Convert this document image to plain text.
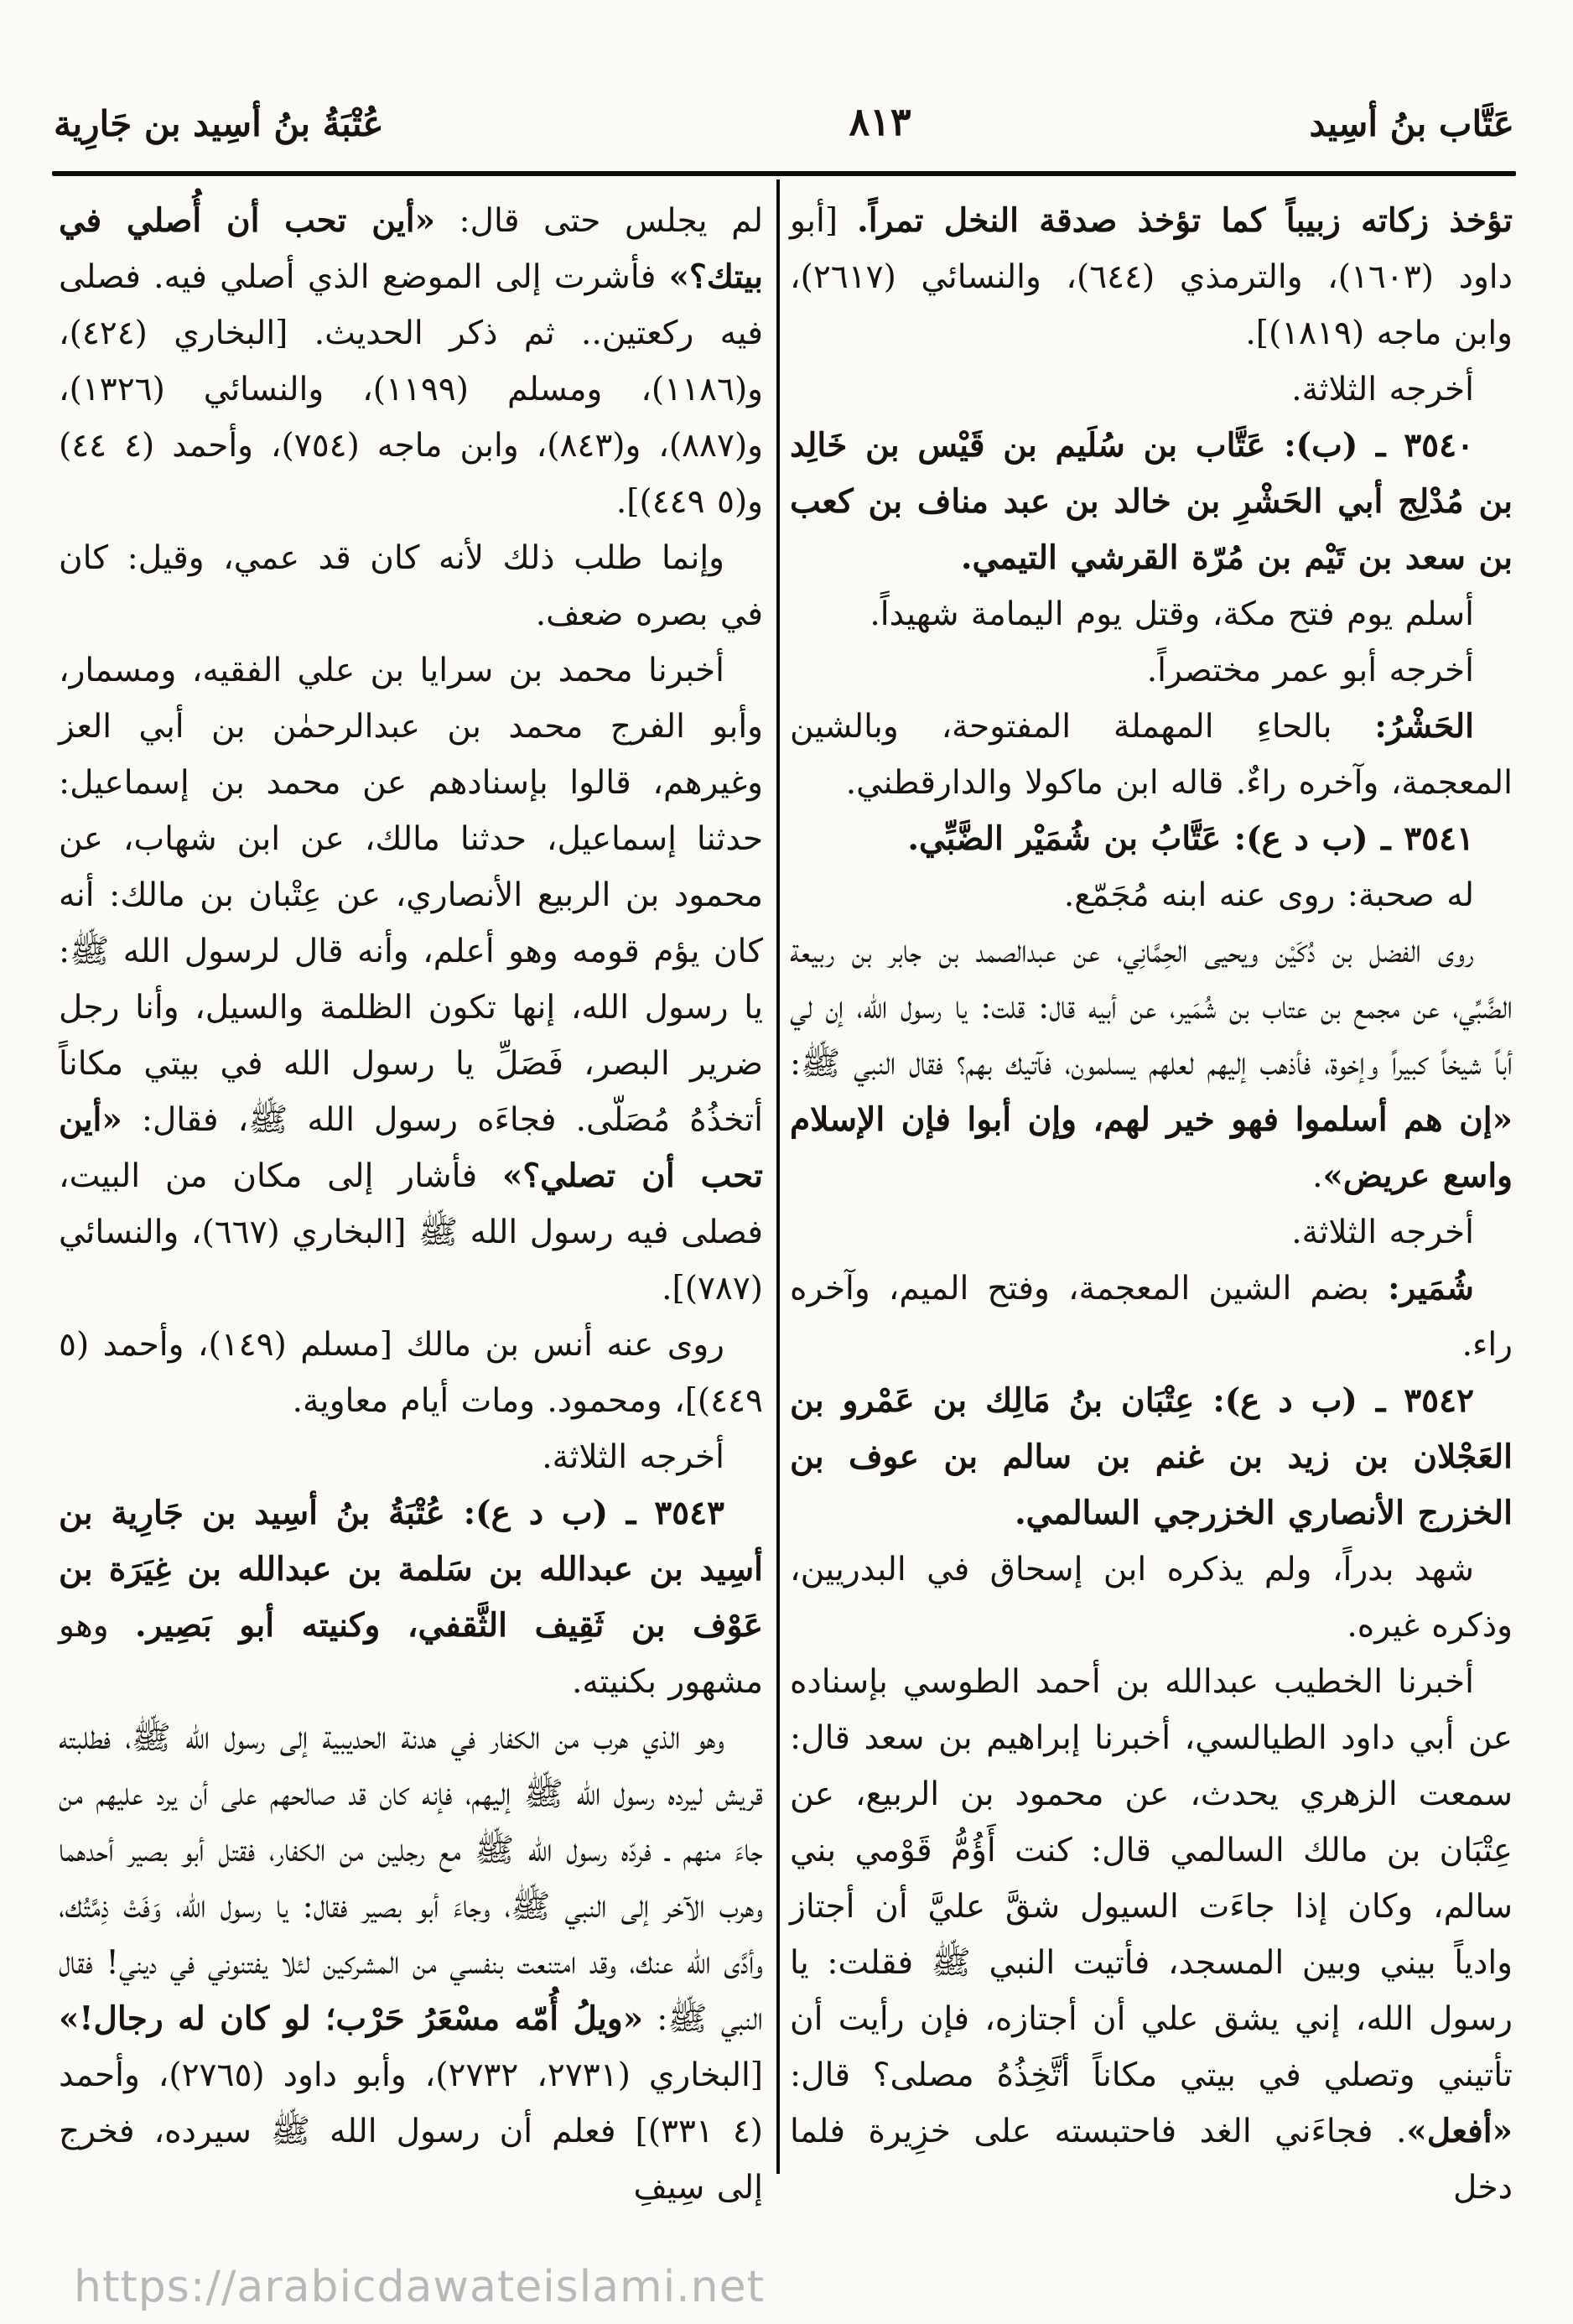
عَتَّاب بنُ أسِيد
٨١٣
عُتْبَةُ بنُ أسِيد بن جَارِية

تؤخذ زكاته زبيباً كما تؤخذ صدقة النخل تمراً. [أبو داود (١٦٠٣)، والترمذي (٦٤٤)، والنسائي (٢٦١٧)، وابن ماجه (١٨١٩)].

أخرجه الثلاثة.

٣٥٤٠ ـ (ب): عَتَّاب بن سُلَيم بن قَيْس بن خَالِد بن مُدْلِج أبي الحَشْرِ بن خالد بن عبد مناف بن كعب بن سعد بن تَيْم بن مُرّة القرشي التيمي.

أسلم يوم فتح مكة، وقتل يوم اليمامة شهيداً.

أخرجه أبو عمر مختصراً.

الحَشْرُ: بالحاءِ المهملة المفتوحة، وبالشين المعجمة، وآخره راءٌ. قاله ابن ماكولا والدارقطني.

٣٥٤١ ـ (ب د ع): عَتَّابُ بن شُمَيْر الضَّبِّي.

له صحبة: روى عنه ابنه مُجَمّع.

روى الفضل بن دُكَيْن ويحيى الحِمَّانِي، عن عبدالصمد بن جابر بن ربيعة الضَّبِّي، عن مجمع بن عتاب بن شُمَير، عن أبيه قال: قلت: يا رسول الله، إن لي أباً شيخاً كبيراً وإخوة، فأذهب إليهم لعلهم يسلمون، فآتيك بهم؟ فقال النبي ﷺ: «إن هم أسلموا فهو خير لهم، وإن أبوا فإن الإسلام واسع عريض».

أخرجه الثلاثة.

شُمَير: بضم الشين المعجمة، وفتح الميم، وآخره راء.

٣٥٤٢ ـ (ب د ع): عِتْبَان بنُ مَالِك بن عَمْرو بن العَجْلان بن زيد بن غنم بن سالم بن عوف بن الخزرج الأنصاري الخزرجي السالمي.

شهد بدراً، ولم يذكره ابن إسحاق في البدريين، وذكره غيره.

أخبرنا الخطيب عبدالله بن أحمد الطوسي بإسناده عن أبي داود الطيالسي، أخبرنا إبراهيم بن سعد قال: سمعت الزهري يحدث، عن محمود بن الربيع، عن عِتْبَان بن مالك السالمي قال: كنت أَؤُمُّ قَوْمي بني سالم، وكان إذا جاءَت السيول شقَّ عليَّ أن أجتاز وادياً بيني وبين المسجد، فأتيت النبي ﷺ فقلت: يا رسول الله، إني يشق علي أن أجتازه، فإن رأيت أن تأتيني وتصلي في بيتي مكاناً أتَّخِذُهُ مصلى؟ قال: «أفعل». فجاءَني الغد فاحتبسته على خزِيرة فلما دخل

لم يجلس حتى قال: «أين تحب أن أُصلي في بيتك؟» فأشرت إلى الموضع الذي أصلي فيه. فصلى فيه ركعتين.. ثم ذكر الحديث. [البخاري (٤٢٤)، و(١١٨٦)، ومسلم (١١٩٩)، والنسائي (١٣٢٦)، و(٨٨٧)، و(٨٤٣)، وابن ماجه (٧٥٤)، وأحمد (٤ ٤٤) و(٥ ٤٤٩)].

وإنما طلب ذلك لأنه كان قد عمي، وقيل: كان في بصره ضعف.

أخبرنا محمد بن سرايا بن علي الفقيه، ومسمار، وأبو الفرج محمد بن عبدالرحمٰن بن أبي العز وغيرهم، قالوا بإسنادهم عن محمد بن إسماعيل: حدثنا إسماعيل، حدثنا مالك، عن ابن شهاب، عن محمود بن الربيع الأنصاري، عن عِتْبان بن مالك: أنه كان يؤم قومه وهو أعلم، وأنه قال لرسول الله ﷺ: يا رسول الله، إنها تكون الظلمة والسيل، وأنا رجل ضرير البصر، فَصَلِّ يا رسول الله في بيتي مكاناً أتخذُهُ مُصَلّى. فجاءَه رسول الله ﷺ، فقال: «أين تحب أن تصلي؟» فأشار إلى مكان من البيت، فصلى فيه رسول الله ﷺ [البخاري (٦٦٧)، والنسائي (٧٨٧)].

روى عنه أنس بن مالك [مسلم (١٤٩)، وأحمد (٥ ٤٤٩)]، ومحمود. ومات أيام معاوية.

أخرجه الثلاثة.

٣٥٤٣ ـ (ب د ع): عُتْبَةُ بنُ أسِيد بن جَارِية بن أسِيد بن عبدالله بن سَلمة بن عبدالله بن غِيَرَة بن عَوْف بن ثَقِيف الثَّقفي، وكنيته أبو بَصِير. وهو مشهور بكنيته.

وهو الذي هرب من الكفار في هدنة الحديبية إلى رسول الله ﷺ، فطلبته قريش ليرده رسول الله ﷺ إليهم، فإنه كان قد صالحهم على أن يرد عليهم من جاءَ منهم ـ فردّه رسول الله ﷺ مع رجلين من الكفار، فقتل أبو بصير أحدهما وهرب الآخر إلى النبي ﷺ، وجاءَ أبو بصير فقال: يا رسول الله، وَفَتْ ذِمَّتُك، وأدَّى الله عنك، وقد امتنعت بنفسي من المشركين لئلا يفتنوني في ديني! فقال النبي ﷺ: «ويلُ أُمّه مسْعَرُ حَرْب؛ لو كان له رجال!» [البخاري (٢٧٣١، ٢٧٣٢)، وأبو داود (٢٧٦٥)، وأحمد (٤ ٣٣١)] فعلم أن رسول الله ﷺ سيرده، فخرج إلى سِيفِ

https://arabicdawateislami.net
